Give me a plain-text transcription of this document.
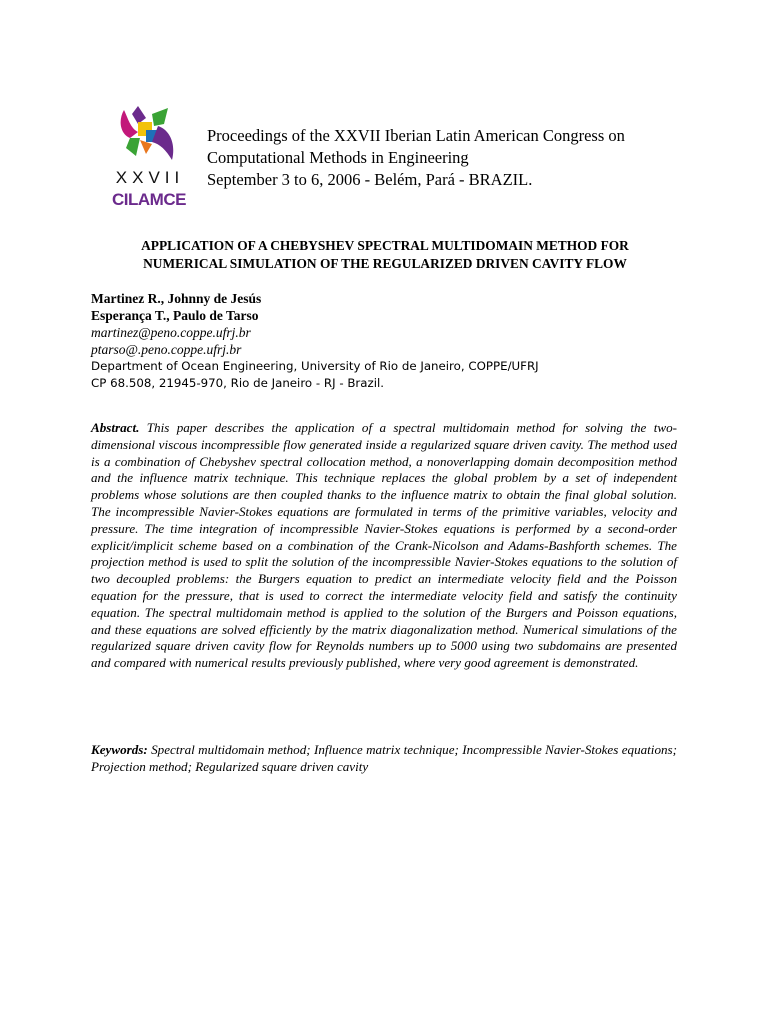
XXVII
CILAMCE
Proceedings of the XXVII Iberian Latin American Congress on
Computational Methods in Engineering
September 3 to 6, 2006 - Belém, Pará - BRAZIL.
APPLICATION OF A CHEBYSHEV SPECTRAL MULTIDOMAIN METHOD FOR
NUMERICAL SIMULATION OF THE REGULARIZED DRIVEN CAVITY FLOW
Martinez R., Johnny de Jesús
Esperança T., Paulo de Tarso
martinez@peno.coppe.ufrj.br
ptarso@.peno.coppe.ufrj.br
Department of Ocean Engineering, University of Rio de Janeiro, COPPE/UFRJ
CP 68.508, 21945-970, Rio de Janeiro - RJ - Brazil.
Abstract. This paper describes the application of a spectral multidomain method for solving the two-dimensional viscous incompressible flow generated inside a regularized square driven cavity. The method used is a combination of Chebyshev spectral collocation method, a nonoverlapping domain decomposition method and the influence matrix technique. This technique replaces the global problem by a set of independent problems whose solutions are then coupled thanks to the influence matrix to obtain the final global solution. The incompressible Navier-Stokes equations are formulated in terms of the primitive variables, velocity and pressure. The time integration of incompressible Navier-Stokes equations is performed by a second-order explicit/implicit scheme based on a combination of the Crank-Nicolson and Adams-Bashforth schemes. The projection method is used to split the solution of the incompressible Navier-Stokes equations to the solution of two decoupled problems: the Burgers equation to predict an intermediate velocity field and the Poisson equation for the pressure, that is used to correct the intermediate velocity field and satisfy the continuity equation. The spectral multidomain method is applied to the solution of the Burgers and Poisson equations, and these equations are solved efficiently by the matrix diagonalization method. Numerical simulations of the regularized square driven cavity flow for Reynolds numbers up to 5000 using two subdomains are presented and compared with numerical results previously published, where very good agreement is demonstrated.
Keywords: Spectral multidomain method; Influence matrix technique; Incompressible Navier-Stokes equations; Projection method; Regularized square driven cavity
